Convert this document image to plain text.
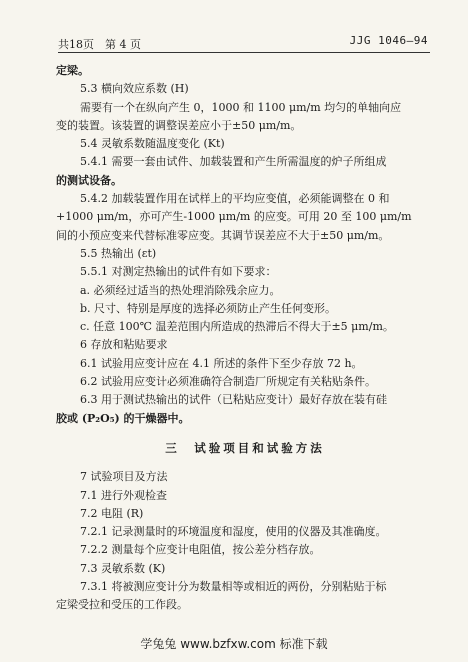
共18页　第 4 页	JJG 1046—94
定梁。
5.3 横向效应系数 (H)
需要有一个在纵向产生 0，1000 和 1100 μm/m 均匀的单轴向应
变的装置。该装置的调整误差应小于±50 μm/m。
5.4 灵敏系数随温度变化 (Kt)
5.4.1 需要一套由试件、加载装置和产生所需温度的炉子所组成
的测试设备。
5.4.2 加载装置作用在试样上的平均应变值，必须能调整在 0 和
+1000 μm/m，亦可产生-1000 μm/m 的应变。可用 20 至 100 μm/m
间的小预应变来代替标准零应变。其调节误差应不大于±50 μm/m。
5.5 热输出 (εt)
5.5.1 对测定热输出的试件有如下要求：
a. 必须经过适当的热处理消除残余应力。
b. 尺寸、特别是厚度的选择必须防止产生任何变形。
c. 任意 100℃ 温差范围内所造成的热滞后不得大于±5 μm/m。
6 存放和粘贴要求
6.1 试验用应变计应在 4.1 所述的条件下至少存放 72 h。
6.2 试验用应变计必须准确符合制造厂所规定有关粘贴条件。
6.3 用于测试热输出的试件（已粘贴应变计）最好存放在装有硅
胶或 (P₂O₅) 的干燥器中。
三　试验项目和试验方法
7 试验项目及方法
7.1 进行外观检查
7.2 电阻 (R)
7.2.1 记录测量时的环境温度和湿度，使用的仪器及其准确度。
7.2.2 测量每个应变计电阻值，按公差分档存放。
7.3 灵敏系数 (K)
7.3.1 将被测应变计分为数量相等或相近的两份，分别粘贴于标
定梁受拉和受压的工作段。
学兔兔 www.bzfxw.com 标准下载
